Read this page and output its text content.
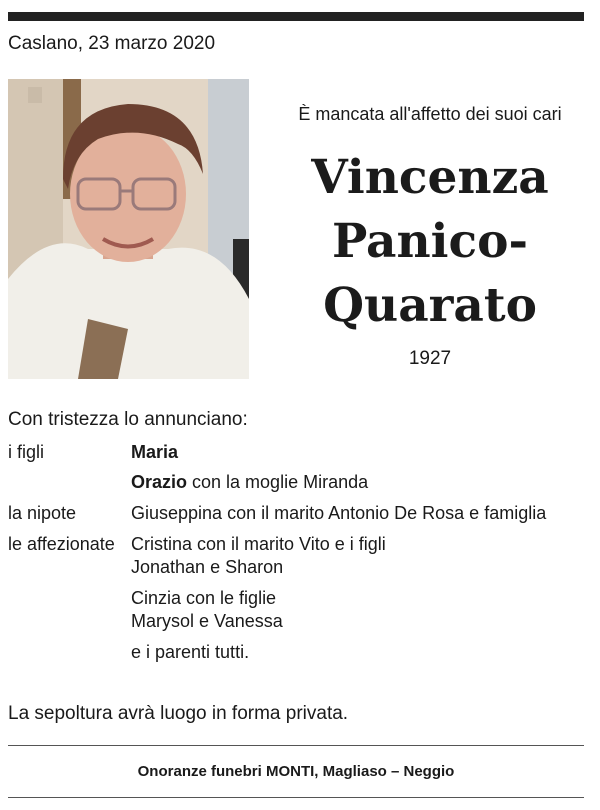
Caslano, 23 marzo 2020
È mancata all'affetto dei suoi cari
Vincenza
Panico-
Quarato
1927
Con tristezza lo annunciano:
i figli	Maria
Orazio con la moglie Miranda
la nipote	Giuseppina con il marito Antonio De Rosa e famiglia
le affezionate Cristina con il marito Vito e i figli
Jonathan e Sharon
Cinzia con le figlie
Marysol e Vanessa
e i parenti tutti.
La sepoltura avrà luogo in forma privata.
Onoranze funebri MONTI, Magliaso – Neggio
